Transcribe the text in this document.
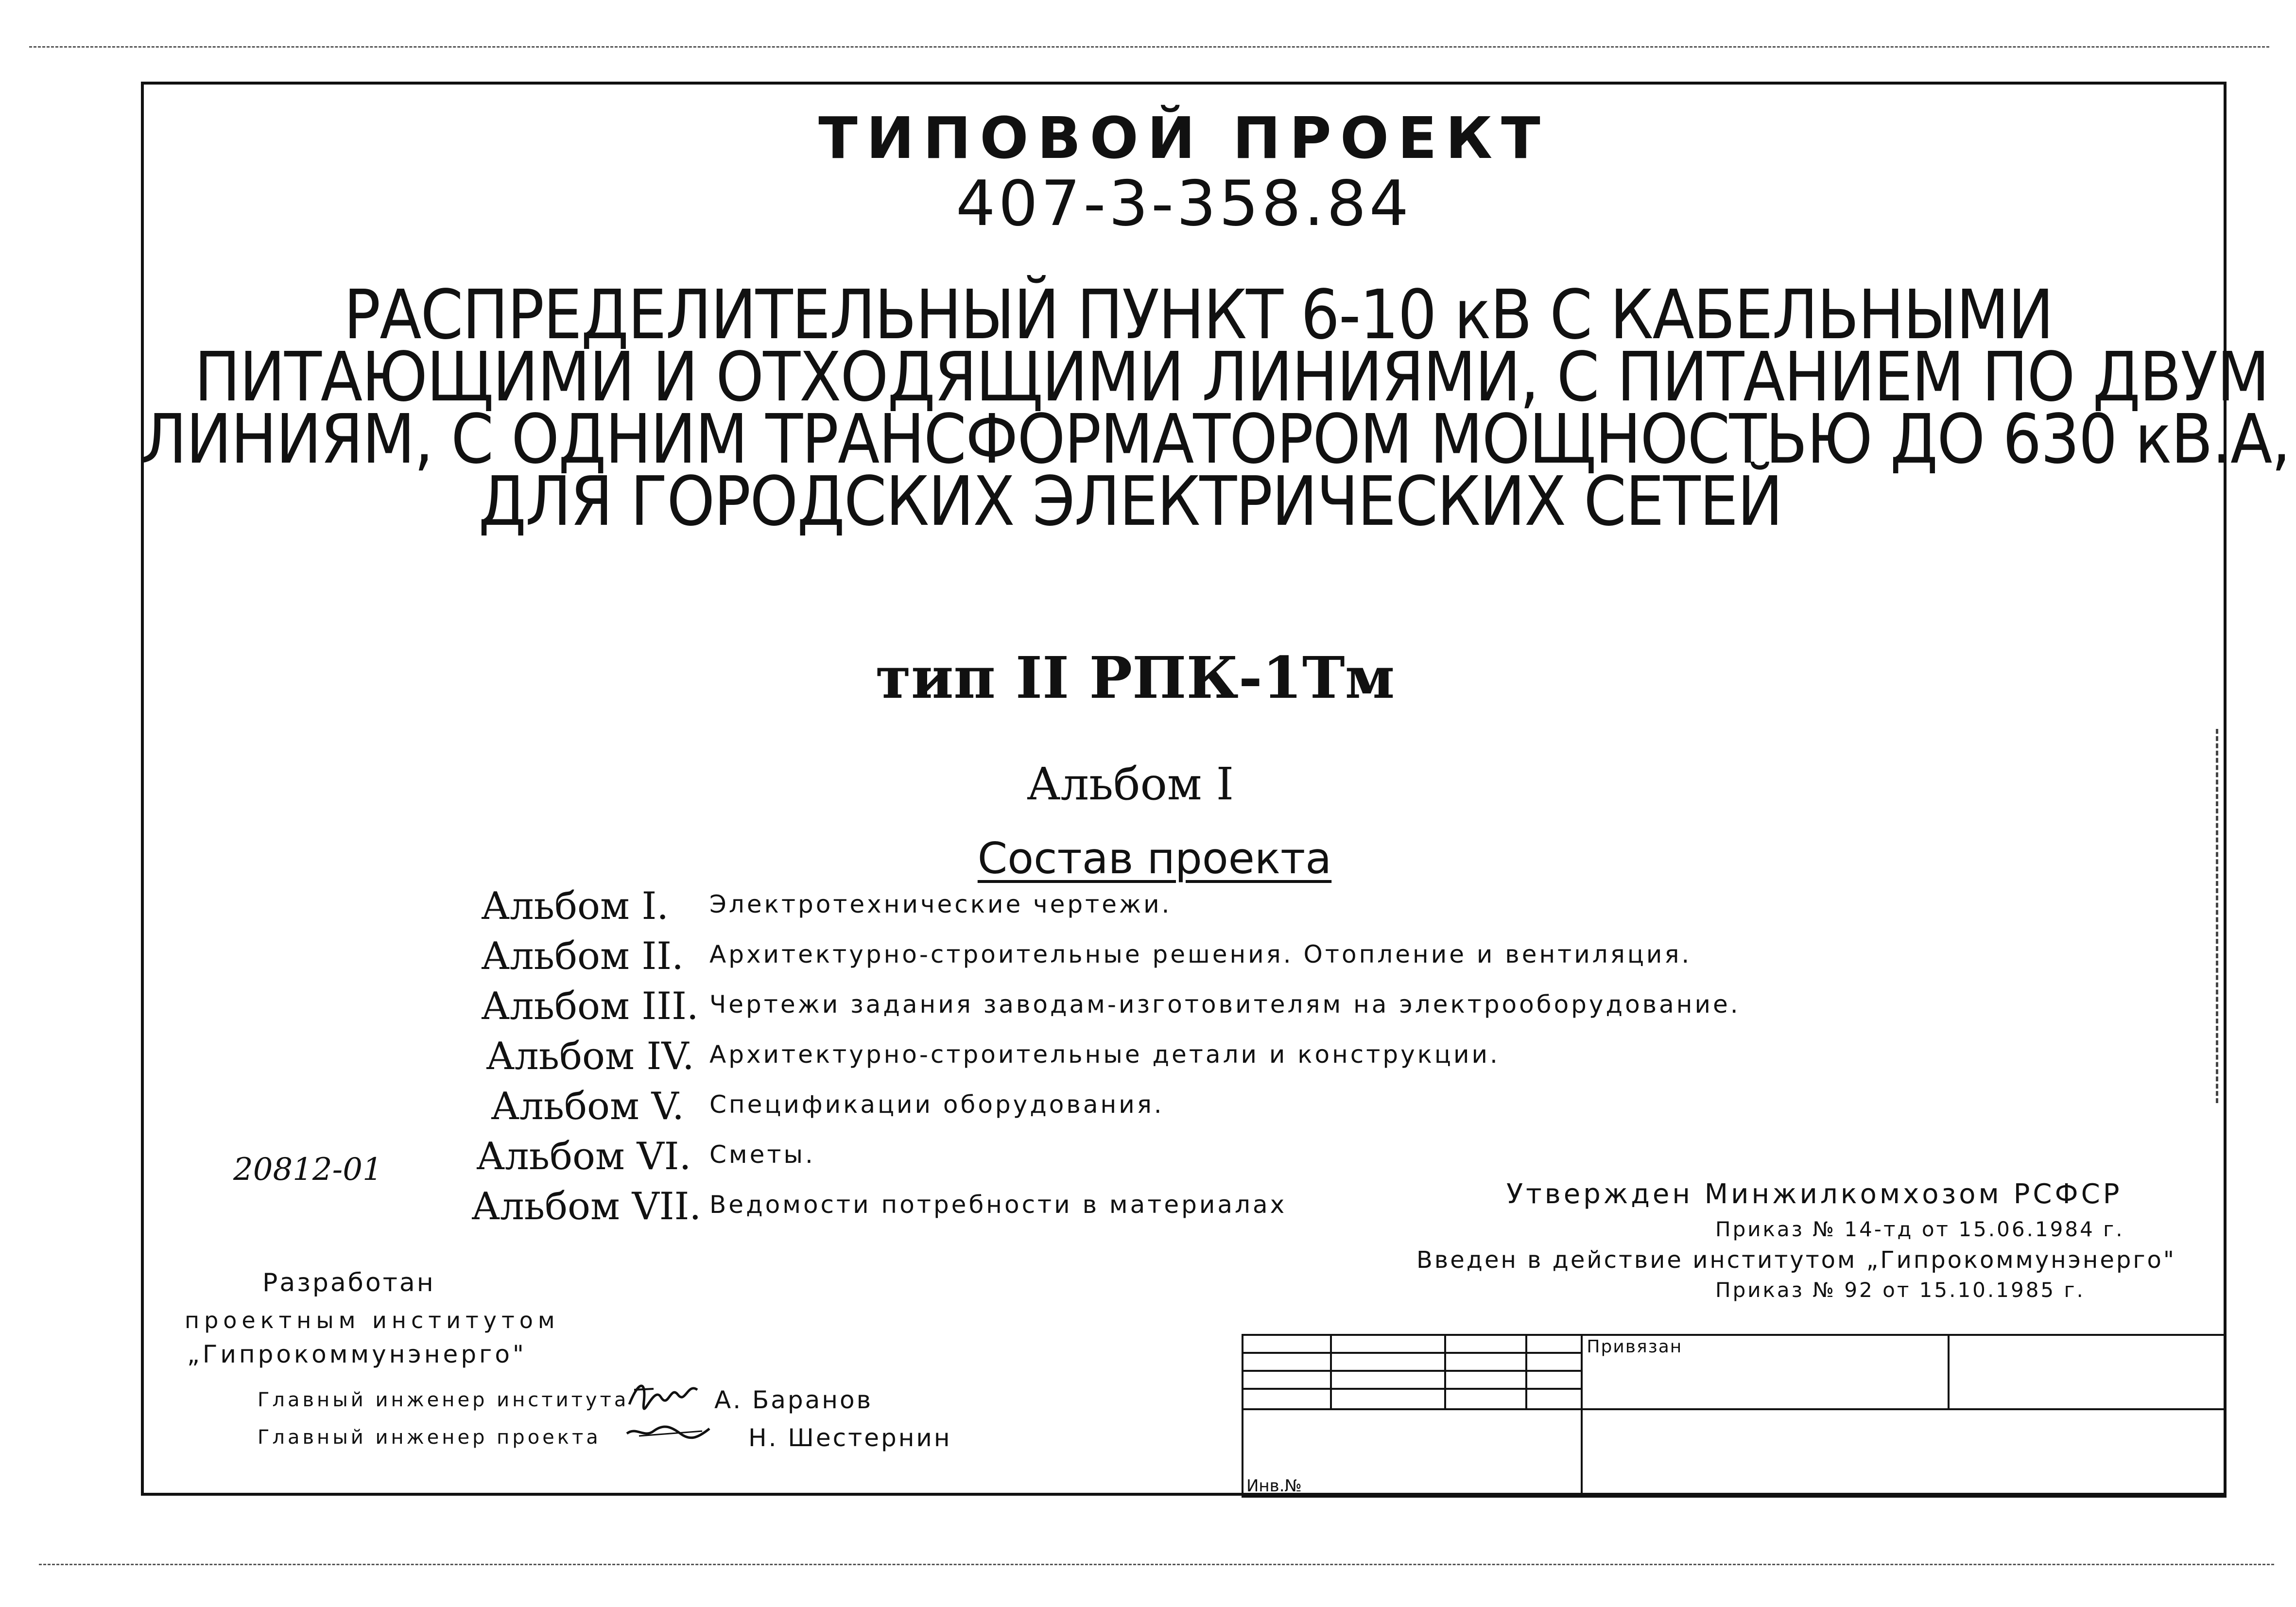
ТИПОВОЙ ПРОЕКТ
407-3-358.84
РАСПРЕДЕЛИТЕЛЬНЫЙ ПУНКТ 6-10 кВ С КАБЕЛЬНЫМИ
ПИТАЮЩИМИ И ОТХОДЯЩИМИ ЛИНИЯМИ, С ПИТАНИЕМ ПО ДВУМ
ЛИНИЯМ, С ОДНИМ ТРАНСФОРМАТОРОМ МОЩНОСТЬЮ ДО 630 кВ.А,
ДЛЯ ГОРОДСКИХ ЭЛЕКТРИЧЕСКИХ СЕТЕЙ
тип II РПК-1Тм
Альбом I
Состав проекта
Альбом I.	Электротехнические чертежи.
Альбом II.	Архитектурно-строительные решения. Отопление и вентиляция.
Альбом III. Чертежи задания заводам-изготовителям на электрооборудование.
Альбом IV. Архитектурно-строительные детали и конструкции.
Альбом V.	Спецификации оборудования.
Альбом VI. Сметы.
Альбом VII. Ведомости потребности в материалах
20812-01
Разработан
проектным институтом
„Гипрокоммунэнерго"
Главный инженер института	А. Баранов
Главный инженер проекта	Н. Шестернин
Утвержден Минжилкомхозом РСФСР
Приказ № 14-тд от 15.06.1984 г.
Введен в действие институтом „Гипрокоммунэнерго"
Приказ № 92 от 15.10.1985 г.
				Привязан	

Инв.№					
